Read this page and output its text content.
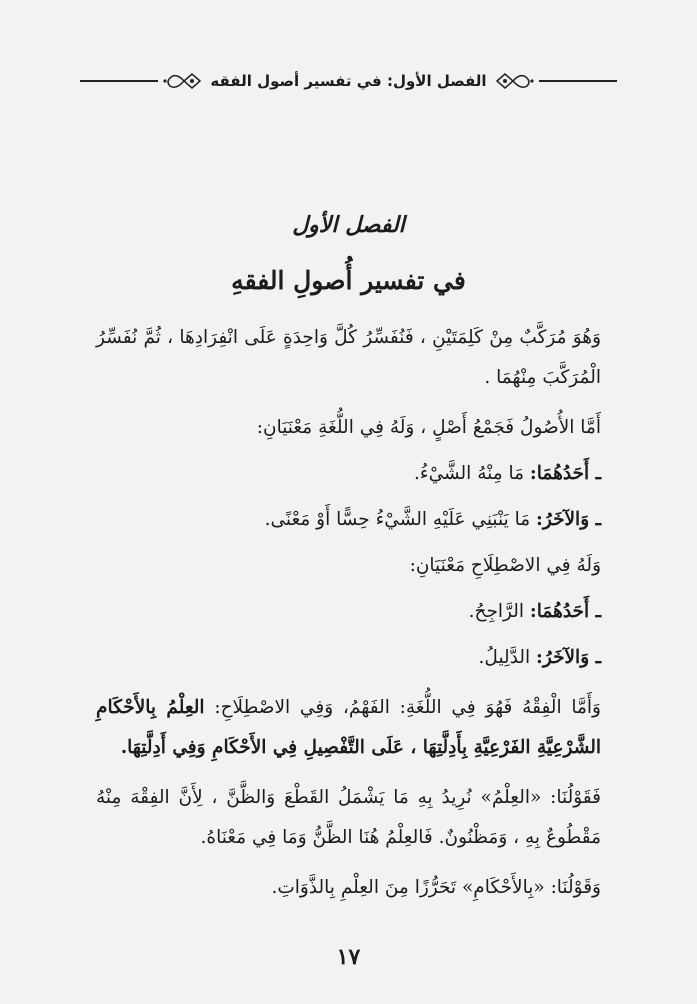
الفصل الأول: في تفسير أصول الفقه
الفصل الأول
في تفسير أُصولِ الفقهِ

وَهُوَ مُرَكَّبٌ مِنْ كَلِمَتَيْنِ ، فَنُفَسِّرُ كُلَّ وَاحِدَةٍ عَلَى انْفِرَادِهَا ، ثُمَّ نُفَسِّرُ الْمُرَكَّبَ مِنْهُمَا .

أَمَّا الأُصُولُ فَجَمْعُ أَصْلٍ ، وَلَهُ فِي اللُّغَةِ مَعْنَيَانِ:

ـ أَحَدُهُمَا: مَا مِنْهُ الشَّيْءُ.

ـ وَالآخَرُ: مَا يَنْبَنِي عَلَيْهِ الشَّيْءُ حِسًّا أَوْ مَعْنًى.

وَلَهُ فِي الاصْطِلَاحِ مَعْنَيَانِ:

ـ أَحَدُهُمَا: الرَّاجِحُ.

ـ وَالآخَرُ: الدَّلِيلُ.

وَأَمَّا الْفِقْهُ فَهُوَ فِي اللُّغَةِ: الفَهْمُ، وَفِي الاصْطِلَاحِ: العِلْمُ بِالأَحْكَامِ الشَّرْعِيَّةِ الفَرْعِيَّةِ بِأَدِلَّتِهَا ، عَلَى التَّفْصِيلِ فِي الأَحْكَامِ وَفِي أَدِلَّتِهَا.

فَقَوْلُنَا: «العِلْمُ» نُرِيدُ بِهِ مَا يَشْمَلُ القَطْعَ وَالظَّنَّ ، لِأَنَّ الفِقْهَ مِنْهُ مَقْطُوعٌ بِهِ ، وَمَظْنُونٌ. فَالعِلْمُ هُنَا الظَّنُّ وَمَا فِي مَعْنَاهُ.

وَقَوْلُنَا: «بِالأَحْكَامِ» تَحَرُّزًا مِنَ العِلْمِ بِالذَّوَاتِ.

١٧
